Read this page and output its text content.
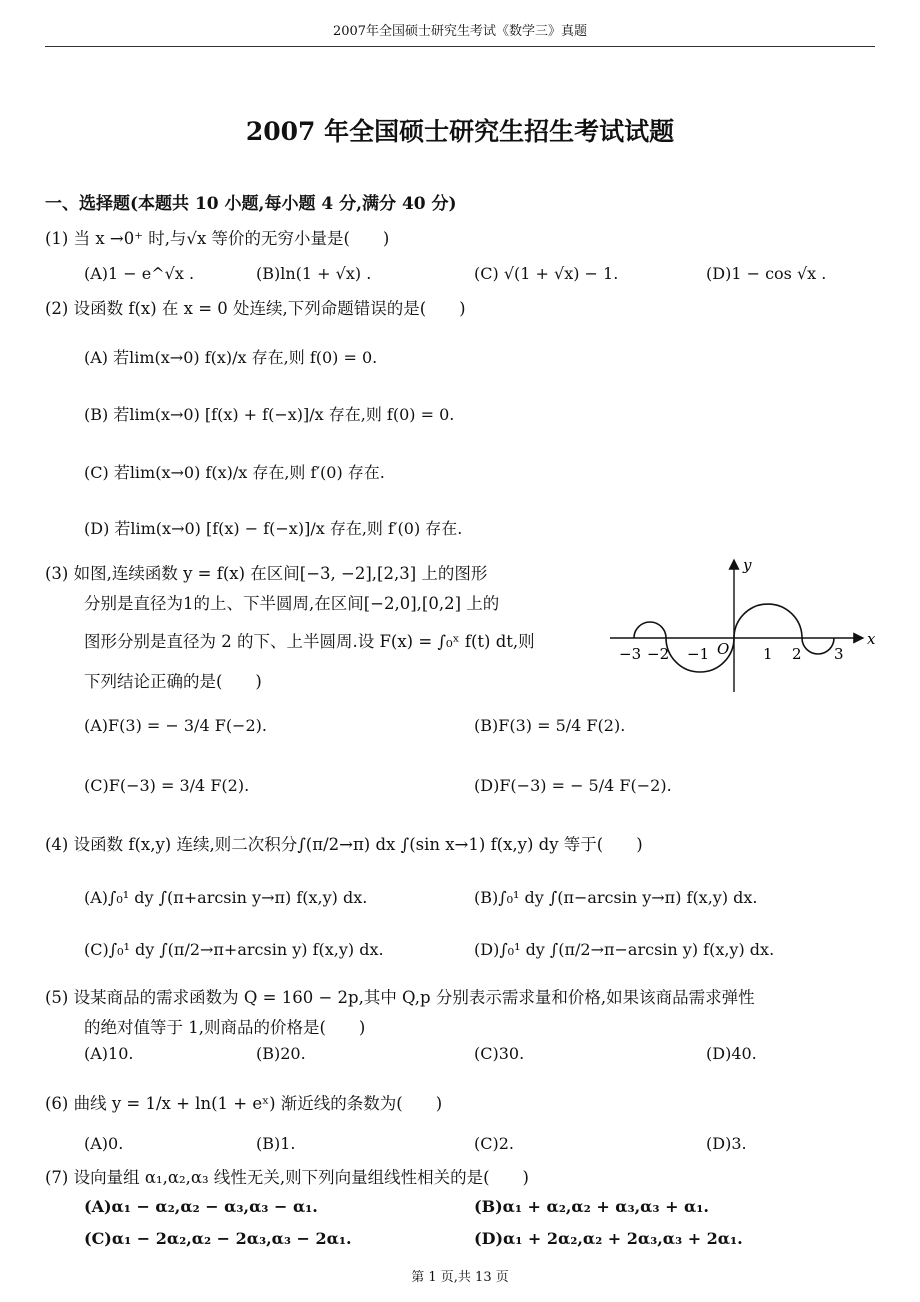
2007年全国硕士研究生考试《数学三》真题
2007 年全国硕士研究生招生考试试题
一、选择题(本题共 10 小题,每小题 4 分,满分 40 分)
(1) 当 x →0⁺ 时,与√x 等价的无穷小量是(　　)
(A)1 − e^√x .	(B)ln(1 + √x) .	(C) √(1 + √x) − 1.	(D)1 − cos √x .
(2) 设函数 f(x) 在 x = 0 处连续,下列命题错误的是(　　)
(A) 若lim(x→0) f(x)/x 存在,则 f(0) = 0.
(B) 若lim(x→0) [f(x) + f(−x)]/x 存在,则 f(0) = 0.
(C) 若lim(x→0) f(x)/x 存在,则 f′(0) 存在.
(D) 若lim(x→0) [f(x) − f(−x)]/x 存在,则 f′(0) 存在.
(3) 如图,连续函数 y = f(x) 在区间[−3, −2],[2,3] 上的图形
分别是直径为1的上、下半圆周,在区间[−2,0],[0,2] 上的
图形分别是直径为 2 的下、上半圆周.设 F(x) = ∫₀ˣ f(t) dt,则
下列结论正确的是(　　)
y
x
O
−3 −2 −1	1 2 3
(A)F(3) = − 3/4 F(−2).	(B)F(3) = 5/4 F(2).
(C)F(−3) = 3/4 F(2).	(D)F(−3) = − 5/4 F(−2).
(4) 设函数 f(x,y) 连续,则二次积分∫(π/2→π) dx ∫(sin x→1) f(x,y) dy 等于(　　)
(A)∫₀¹ dy ∫(π+arcsin y→π) f(x,y) dx.	(B)∫₀¹ dy ∫(π−arcsin y→π) f(x,y) dx.
(C)∫₀¹ dy ∫(π/2→π+arcsin y) f(x,y) dx.	(D)∫₀¹ dy ∫(π/2→π−arcsin y) f(x,y) dx.
(5) 设某商品的需求函数为 Q = 160 − 2p,其中 Q,p 分别表示需求量和价格,如果该商品需求弹性
的绝对值等于 1,则商品的价格是(　　)
(A)10.	(B)20.	(C)30.	(D)40.
(6) 曲线 y = 1/x + ln(1 + eˣ) 渐近线的条数为(　　)
(A)0.	(B)1.	(C)2.	(D)3.
(7) 设向量组 α₁,α₂,α₃ 线性无关,则下列向量组线性相关的是(　　)
(A)α₁ − α₂,α₂ − α₃,α₃ − α₁.	(B)α₁ + α₂,α₂ + α₃,α₃ + α₁.
(C)α₁ − 2α₂,α₂ − 2α₃,α₃ − 2α₁.	(D)α₁ + 2α₂,α₂ + 2α₃,α₃ + 2α₁.
第 1 页,共 13 页
